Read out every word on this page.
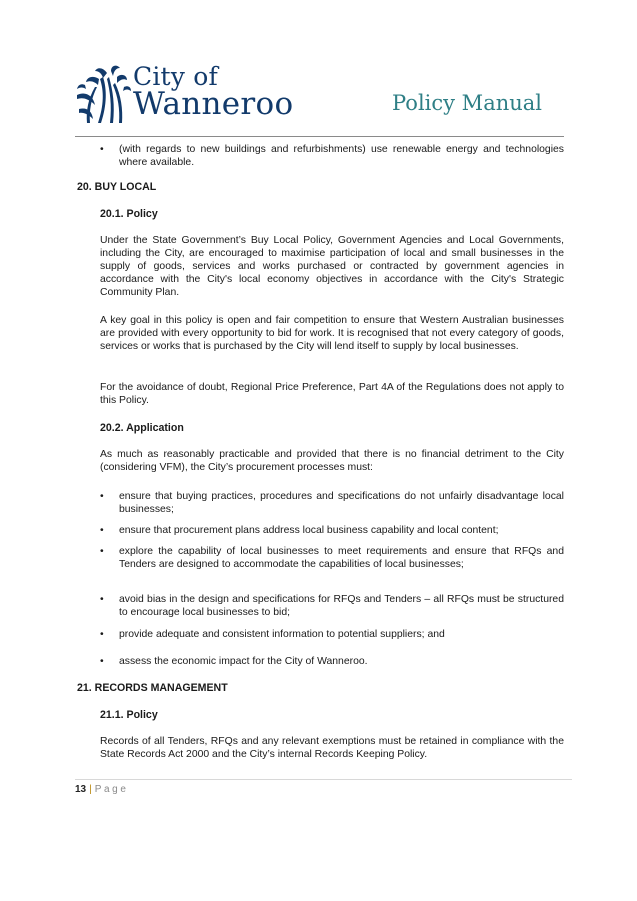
City of
Wanneroo	Policy Manual
•	(with regards to new buildings and refurbishments) use renewable energy and technologies where available.
20. BUY LOCAL
20.1. Policy

Under the State Government’s Buy Local Policy, Government Agencies and Local Governments, including the City, are encouraged to maximise participation of local and small businesses in the supply of goods, services and works purchased or contracted by government agencies in accordance with the City's local economy objectives in accordance with the City's Strategic Community Plan.

A key goal in this policy is open and fair competition to ensure that Western Australian businesses are provided with every opportunity to bid for work. It is recognised that not every category of goods, services or works that is purchased by the City will lend itself to supply by local businesses.

For the avoidance of doubt, Regional Price Preference, Part 4A of the Regulations does not apply to this Policy.

20.2. Application

As much as reasonably practicable and provided that there is no financial detriment to the City (considering VFM), the City’s procurement processes must:

•	ensure that buying practices, procedures and specifications do not unfairly disadvantage local businesses;
•	ensure that procurement plans address local business capability and local content;
•	explore the capability of local businesses to meet requirements and ensure that RFQs and Tenders are designed to accommodate the capabilities of local businesses;
•	avoid bias in the design and specifications for RFQs and Tenders – all RFQs must be structured to encourage local businesses to bid;
•	provide adequate and consistent information to potential suppliers; and
•	assess the economic impact for the City of Wanneroo.
21. RECORDS MANAGEMENT
21.1. Policy

Records of all Tenders, RFQs and any relevant exemptions must be retained in compliance with the State Records Act 2000 and the City’s internal Records Keeping Policy.

13 | Page
